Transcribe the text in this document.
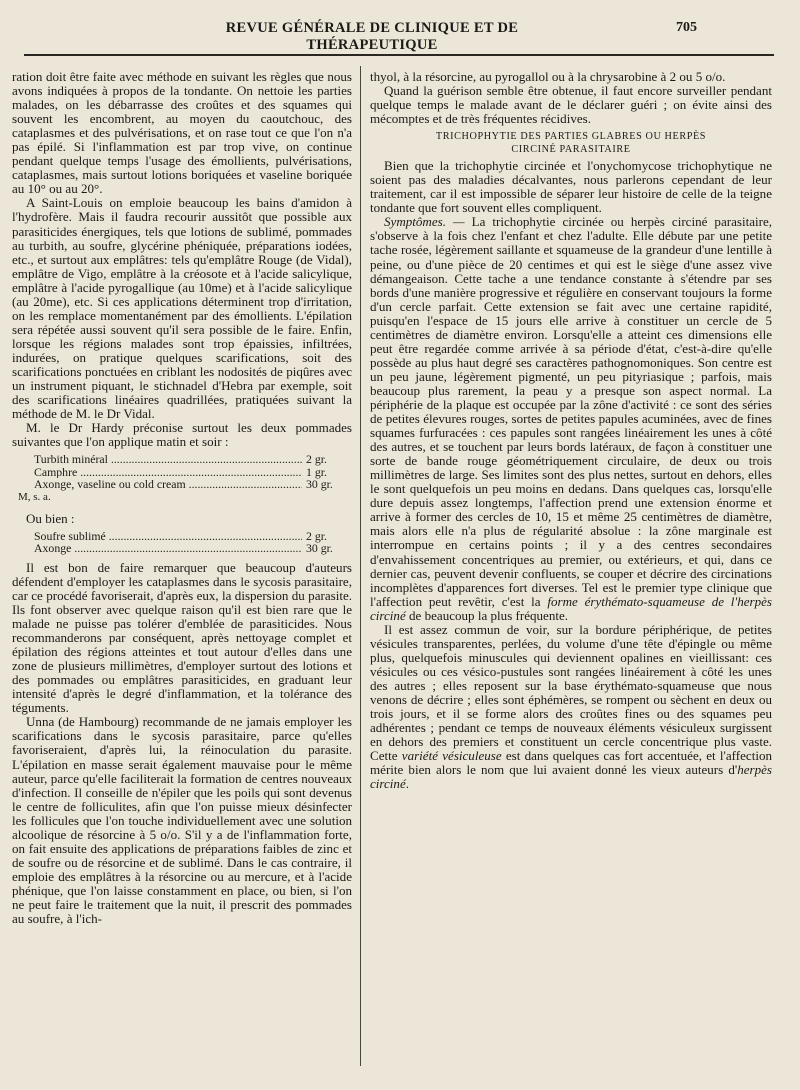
REVUE GÉNÉRALE DE CLINIQUE ET DE THÉRAPEUTIQUE
705

ration doit être faite avec méthode en suivant les règles que nous avons indiquées à propos de la tondante. On nettoie les parties malades, on les débarrasse des croûtes et des squames qui souvent les encombrent, au moyen du caoutchouc, des cataplasmes et des pulvérisations, et on rase tout ce que l'on n'a pas épilé. Si l'inflammation est par trop vive, on continue pendant quelque temps l'usage des émollients, pulvérisations, cataplasmes, mais surtout lotions boriquées et vaseline boriquée au 10° ou au 20°.

A Saint-Louis on emploie beaucoup les bains d'amidon à l'hydrofère. Mais il faudra recourir aussitôt que possible aux parasiticides énergiques, tels que lotions de sublimé, pommades au turbith, au soufre, glycérine phéniquée, préparations iodées, etc., et surtout aux emplâtres: tels qu'emplâtre Rouge (de Vidal), emplâtre de Vigo, emplâtre à la créosote et à l'acide salicylique, emplâtre à l'acide pyrogallique (au 10me) et à l'acide salicylique (au 20me), etc. Si ces applications déterminent trop d'irritation, on les remplace momentanément par des émollients. L'épilation sera répétée aussi souvent qu'il sera possible de le faire. Enfin, lorsque les régions malades sont trop épaissies, infiltrées, indurées, on pratique quelques scarifications, soit des scarifications ponctuées en criblant les nodosités de piqûres avec un instrument piquant, le stichnadel d'Hebra par exemple, soit des scarifications linéaires quadrillées, pratiquées suivant la méthode de M. le Dr Vidal.

M. le Dr Hardy préconise surtout les deux pommades suivantes que l'on applique matin et soir :

Turbith minéral .....	2 gr.
Camphre .....	1 gr.
Axonge, vaseline ou cold cream .....	30 gr.
M, s. a.
Ou bien :
Soufre sublimé .....	2 gr.
Axonge .....	30 gr.

Il est bon de faire remarquer que beaucoup d'auteurs défendent d'employer les cataplasmes dans le sycosis parasitaire, car ce procédé favoriserait, d'après eux, la dispersion du parasite. Ils font observer avec quelque raison qu'il est bien rare que le malade ne puisse pas tolérer d'emblée de parasiticides. Nous recommanderons par conséquent, après nettoyage complet et épilation des régions atteintes et tout autour d'elles dans une zone de plusieurs millimètres, d'employer surtout des lotions et des pommades ou emplâtres parasiticides, en graduant leur intensité d'après le degré d'inflammation, et la tolérance des téguments.

Unna (de Hambourg) recommande de ne jamais employer les scarifications dans le sycosis parasitaire, parce qu'elles favoriseraient, d'après lui, la réinoculation du parasite. L'épilation en masse serait également mauvaise pour le même auteur, parce qu'elle faciliterait la formation de centres nouveaux d'infection. Il conseille de n'épiler que les poils qui sont devenus le centre de folliculites, afin que l'on puisse mieux désinfecter les follicules que l'on touche individuellement avec une solution alcoolique de résorcine à 5 o/o. S'il y a de l'inflammation forte, on fait ensuite des applications de préparations faibles de zinc et de soufre ou de résorcine et de sublimé. Dans le cas contraire, il emploie des emplâtres à la résorcine ou au mercure, et à l'acide phénique, que l'on laisse constamment en place, ou bien, si l'on ne peut faire le traitement que la nuit, il prescrit des pommades au soufre, à l'ich-

thyol, à la résorcine, au pyrogallol ou à la chrysarobine à 2 ou 5 o/o.

Quand la guérison semble être obtenue, il faut encore surveiller pendant quelque temps le malade avant de le déclarer guéri ; on évite ainsi des mécomptes et de très fréquentes récidives.

TRICHOPHYTIE DES PARTIES GLABRES OU HERPÈS
CIRCINÉ PARASITAIRE

Bien que la trichophytie circinée et l'onychomycose trichophytique ne soient pas des maladies décalvantes, nous parlerons cependant de leur traitement, car il est impossible de séparer leur histoire de celle de la teigne tondante que fort souvent elles compliquent.

Symptômes. — La trichophytie circinée ou herpès circiné parasitaire, s'observe à la fois chez l'enfant et chez l'adulte. Elle débute par une petite tache rosée, légèrement saillante et squameuse de la grandeur d'une lentille à peine, ou d'une pièce de 20 centimes et qui est le siège d'une assez vive démangeaison. Cette tache a une tendance constante à s'étendre par ses bords d'une manière progressive et régulière en conservant toujours la forme d'un cercle parfait. Cette extension se fait avec une certaine rapidité, puisqu'en l'espace de 15 jours elle arrive à constituer un cercle de 5 centimètres de diamètre environ. Lorsqu'elle a atteint ces dimensions elle peut être regardée comme arrivée à sa période d'état, c'est-à-dire qu'elle possède au plus haut degré ses caractères pathognomoniques. Son centre est un peu jaune, légèrement pigmenté, un peu pityriasique ; parfois, mais beaucoup plus rarement, la peau y a presque son aspect normal. La périphérie de la plaque est occupée par la zône d'activité : ce sont des séries de petites élevures rouges, sortes de petites papules acuminées, avec de fines squames furfuracées : ces papules sont rangées linéairement les unes à côté des autres, et se touchent par leurs bords latéraux, de façon à constituer une sorte de bande rouge géométriquement circulaire, de deux ou trois millimètres de large. Ses limites sont des plus nettes, surtout en dehors, elles le sont quelquefois un peu moins en dedans. Dans quelques cas, lorsqu'elle dure depuis assez longtemps, l'affection prend une extension énorme et arrive à former des cercles de 10, 15 et même 25 centimètres de diamètre, mais alors elle n'a plus de régularité absolue : la zône marginale est interrompue en certains points ; il y a des centres secondaires d'envahissement concentriques au premier, ou extérieurs, et qui, dans ce dernier cas, peuvent devenir confluents, se couper et décrire des circinations incomplètes d'apparences fort diverses. Tel est le premier type clinique que l'affection peut revêtir, c'est la forme érythémato-squameuse de l'herpès circiné de beaucoup la plus fréquente.

Il est assez commun de voir, sur la bordure périphérique, de petites vésicules transparentes, perlées, du volume d'une tête d'épingle ou même plus, quelquefois minuscules qui deviennent opalines en vieillissant: ces vésicules ou ces vésico-pustules sont rangées linéairement à côté les unes des autres ; elles reposent sur la base érythémato-squameuse que nous venons de décrire ; elles sont éphémères, se rompent ou sèchent en deux ou trois jours, et il se forme alors des croûtes fines ou des squames peu adhérentes ; pendant ce temps de nouveaux éléments vésiculeux surgissent en dehors des premiers et constituent un cercle concentrique plus vaste. Cette variété vésiculeuse est dans quelques cas fort accentuée, et l'affection mérite bien alors le nom que lui avaient donné les vieux auteurs d'herpès circiné.
